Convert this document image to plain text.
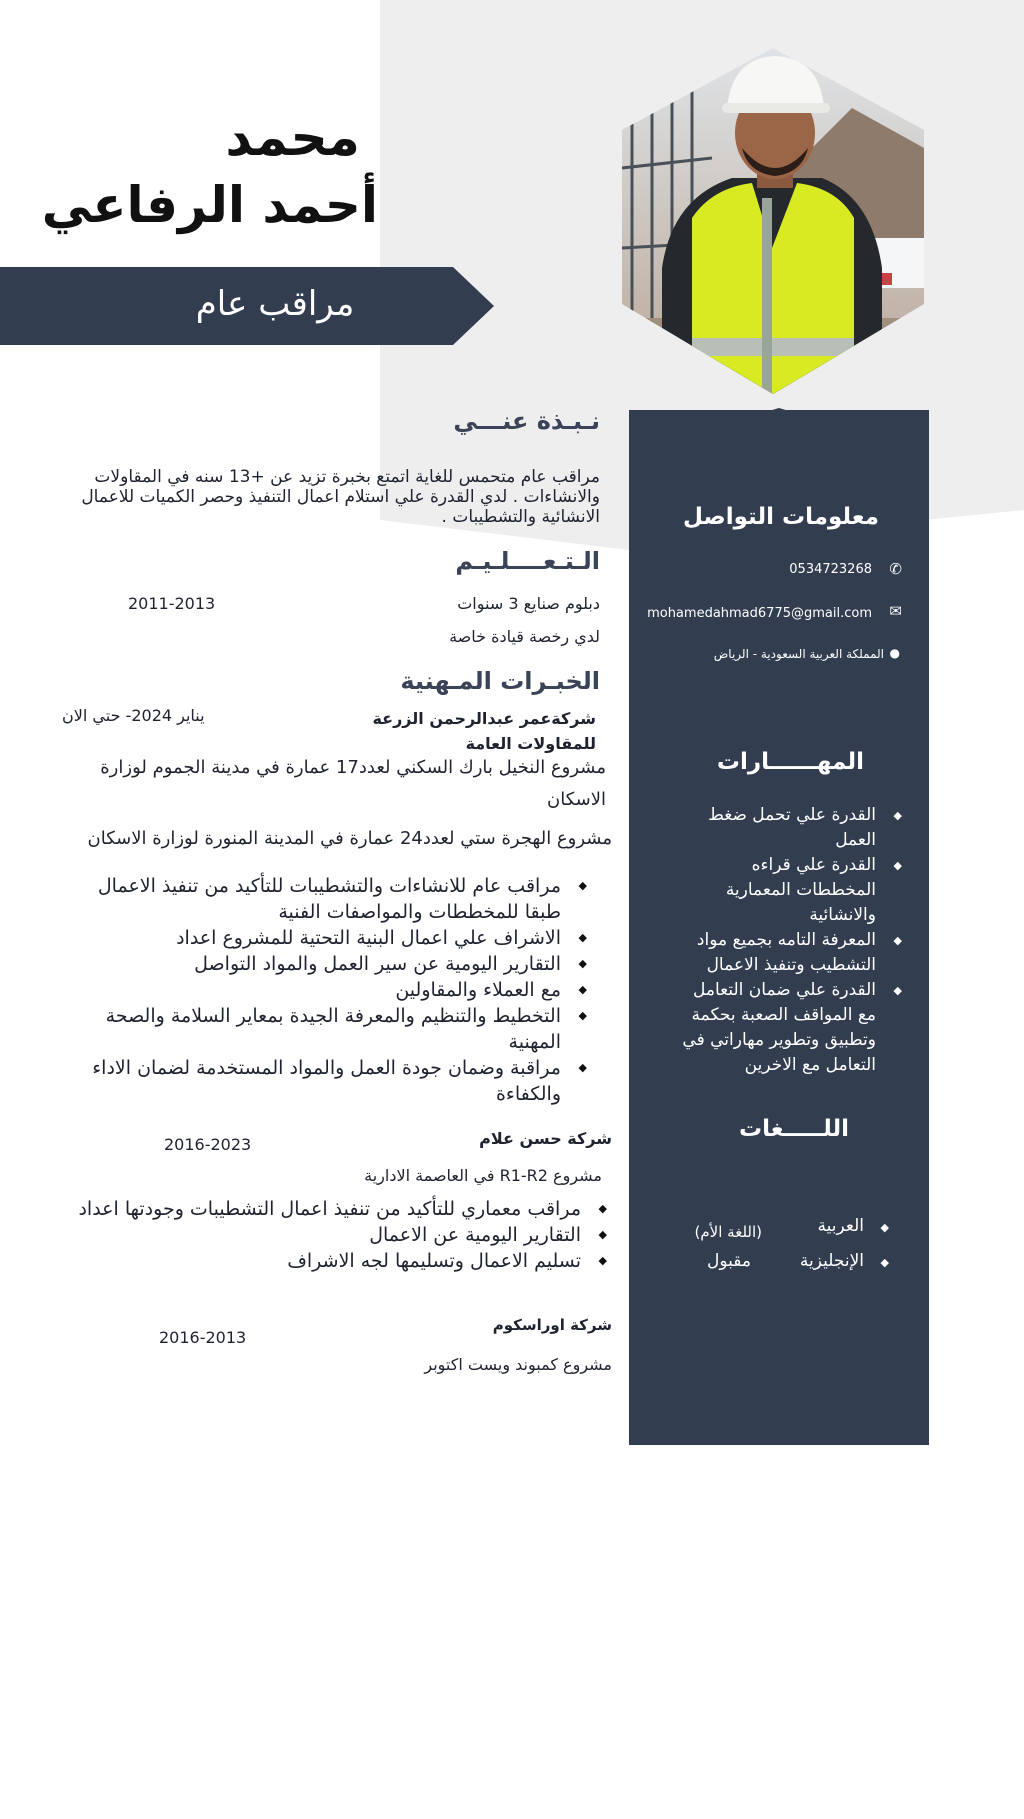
محمد
أحمد الرفاعي
مراقب عام
نـبـذة عنـــي
مراقب عام متحمس للغاية اتمتع بخبرة تزيد عن +13 سنه في المقاولات والانشاءات . لدي القدرة علي استلام اعمال التنفيذ وحصر الكميات للاعمال الانشائية والتشطيبات .
الـتـعــــلـيـم
دبلوم صنايع 3 سنوات
2011-2013
لدي رخصة قيادة خاصة
الخبـرات المـهنية
شركةعمر عبدالرحمن الزرعة للمقاولات العامة
يناير 2024- حتي الان
مشروع النخيل بارك السكني لعدد17 عمارة في مدينة الجموم لوزارة الاسكان
مشروع الهجرة ستي لعدد24 عمارة في المدينة المنورة لوزارة الاسكان
◆ مراقب عام للانشاءات والتشطيبات للتأكيد من تنفيذ الاعمال طبقا للمخططات والمواصفات الفنية
◆ الاشراف علي اعمال البنية التحتية للمشروع اعداد
◆ التقارير اليومية عن سير العمل والمواد التواصل
◆ مع العملاء والمقاولين
◆ التخطيط والتنظيم والمعرفة الجيدة بمعاير السلامة والصحة المهنية
◆ مراقبة وضمان جودة العمل والمواد المستخدمة لضمان الاداء والكفاءة
شركة حسن علام
2016-2023
مشروع R1-R2 في العاصمة الادارية
◆ مراقب معماري للتأكيد من تنفيذ اعمال التشطيبات وجودتها اعداد
◆ التقارير اليومية عن الاعمال
◆ تسليم الاعمال وتسليمها لجه الاشراف
شركة اوراسكوم
2016-2013
مشروع كمبوند ويست اكتوبر
معلومات التواصل
✆
0534723268
✉
mohamedahmad6775@gmail.com
●
المملكة العربية السعودية - الرياض
المهــــــارات
◆ القدرة علي تحمل ضغط العمل
◆ القدرة علي قراءه المخططات المعمارية والانشائية
◆ المعرفة التامه بجميع مواد التشطيب وتنفيذ الاعمال
◆ القدرة علي ضمان التعامل مع المواقف الصعبة بحكمة وتطبيق وتطوير مهاراتي في التعامل مع الاخرين
اللـــــغات
◆
العربية
(اللغة الأم)
◆
الإنجليزية
مقبول
